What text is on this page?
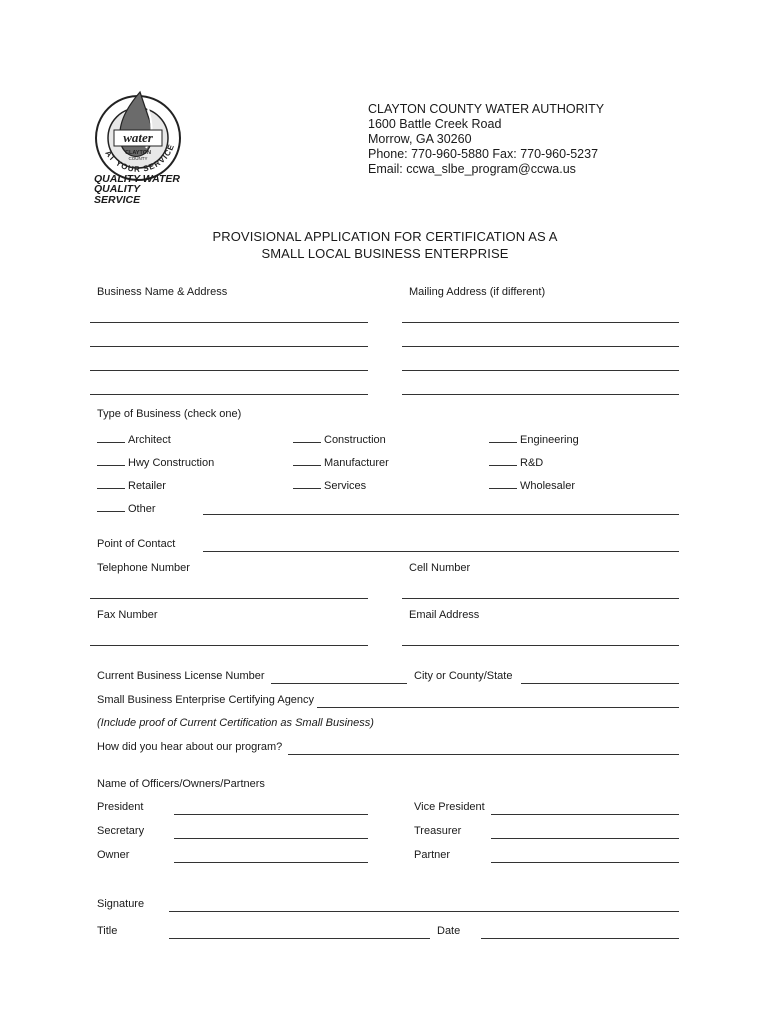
water
CLAYTON
COUNTY
AT YOUR SERVICE
QUALITY WATER
QUALITY SERVICE
CLAYTON COUNTY WATER AUTHORITY
1600 Battle Creek Road
Morrow, GA 30260
Phone: 770-960-5880 Fax: 770-960-5237
Email: ccwa_slbe_program@ccwa.us
PROVISIONAL APPLICATION FOR CERTIFICATION AS A
SMALL LOCAL BUSINESS ENTERPRISE
Business Name & Address	Mailing Address (if different)
Type of Business (check one)
Architect	Construction	Engineering
Hwy Construction	Manufacturer	R&D
Retailer	Services	Wholesaler
Other
Point of Contact
Telephone Number	Cell Number
Fax Number	Email Address
Current Business License Number	City or County/State
Small Business Enterprise Certifying Agency
(Include proof of Current Certification as Small Business)
How did you hear about our program?
Name of Officers/Owners/Partners
President	Vice President
Secretary	Treasurer
Owner	Partner
Signature
Title	Date
